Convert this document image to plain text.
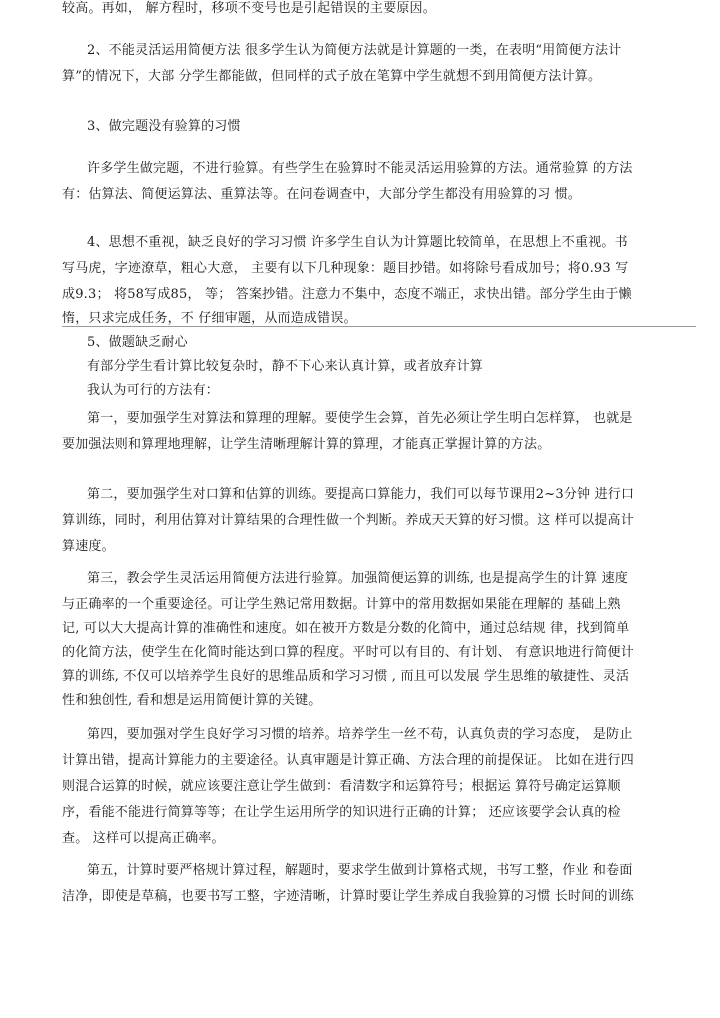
较高。再如， 解方程时，移项不变号也是引起错误的主要原因。
2、不能灵活运用简便方法 很多学生认为简便方法就是计算题的一类，在表明“用简便方法计
算”的情况下，大部 分学生都能做，但同样的式子放在笔算中学生就想不到用简便方法计算。
3、做完题没有验算的习惯
许多学生做完题，不进行验算。有些学生在验算时不能灵活运用验算的方法。通常验算 的方法
有：估算法、简便运算法、重算法等。在问卷调查中，大部分学生都没有用验算的习 惯。
4、思想不重视，缺乏良好的学习习惯 许多学生自认为计算题比较简单，在思想上不重视。书
写马虎，字迹潦草，粗心大意， 主要有以下几种现象：题目抄错。如将除号看成加号；将0.93 写
成9.3； 将58写成85， 等； 答案抄错。注意力不集中，态度不端正，求快出错。部分学生由于懒
惰，只求完成任务，不 仔细审题，从而造成错误。
5、做题缺乏耐心
有部分学生看计算比较复杂时，静不下心来认真计算，或者放弃计算
我认为可行的方法有：
第一，要加强学生对算法和算理的理解。要使学生会算，首先必须让学生明白怎样算， 也就是
要加强法则和算理地理解，让学生清晰理解计算的算理，才能真正掌握计算的方法。
第二，要加强学生对口算和估算的训练。要提高口算能力，我们可以每节课用2~3分钟 进行口
算训练，同时，利用估算对计算结果的合理性做一个判断。养成天天算的好习惯。这 样可以提高计
算速度。
第三，教会学生灵活运用简便方法进行验算。加强简便运算的训练, 也是提高学生的计算 速度
与正确率的一个重要途径。可让学生熟记常用数据。计算中的常用数据如果能在理解的 基础上熟
记, 可以大大提高计算的准确性和速度。如在被开方数是分数的化简中，通过总结规 律，找到简单
的化简方法，使学生在化简时能达到口算的程度。平时可以有目的、有计划、 有意识地进行简便计
算的训练, 不仅可以培养学生良好的思维品质和学习习惯 , 而且可以发展 学生思维的敏捷性、灵活
性和独创性, 看和想是运用简便计算的关键。
第四，要加强对学生良好学习习惯的培养。培养学生一丝不苟，认真负责的学习态度， 是防止
计算出错，提高计算能力的主要途径。认真审题是计算正确、方法合理的前提保证。 比如在进行四
则混合运算的时候，就应该要注意让学生做到：看清数字和运算符号；根据运 算符号确定运算顺
序，看能不能进行简算等等；在让学生运用所学的知识进行正确的计算； 还应该要学会认真的检
查。 这样可以提高正确率。
第五，计算时要严格规计算过程，解题时，要求学生做到计算格式规，书写工整，作业 和卷面
洁净，即使是草稿，也要书写工整，字迹清晰，计算时要让学生养成自我验算的习惯 长时间的训练
